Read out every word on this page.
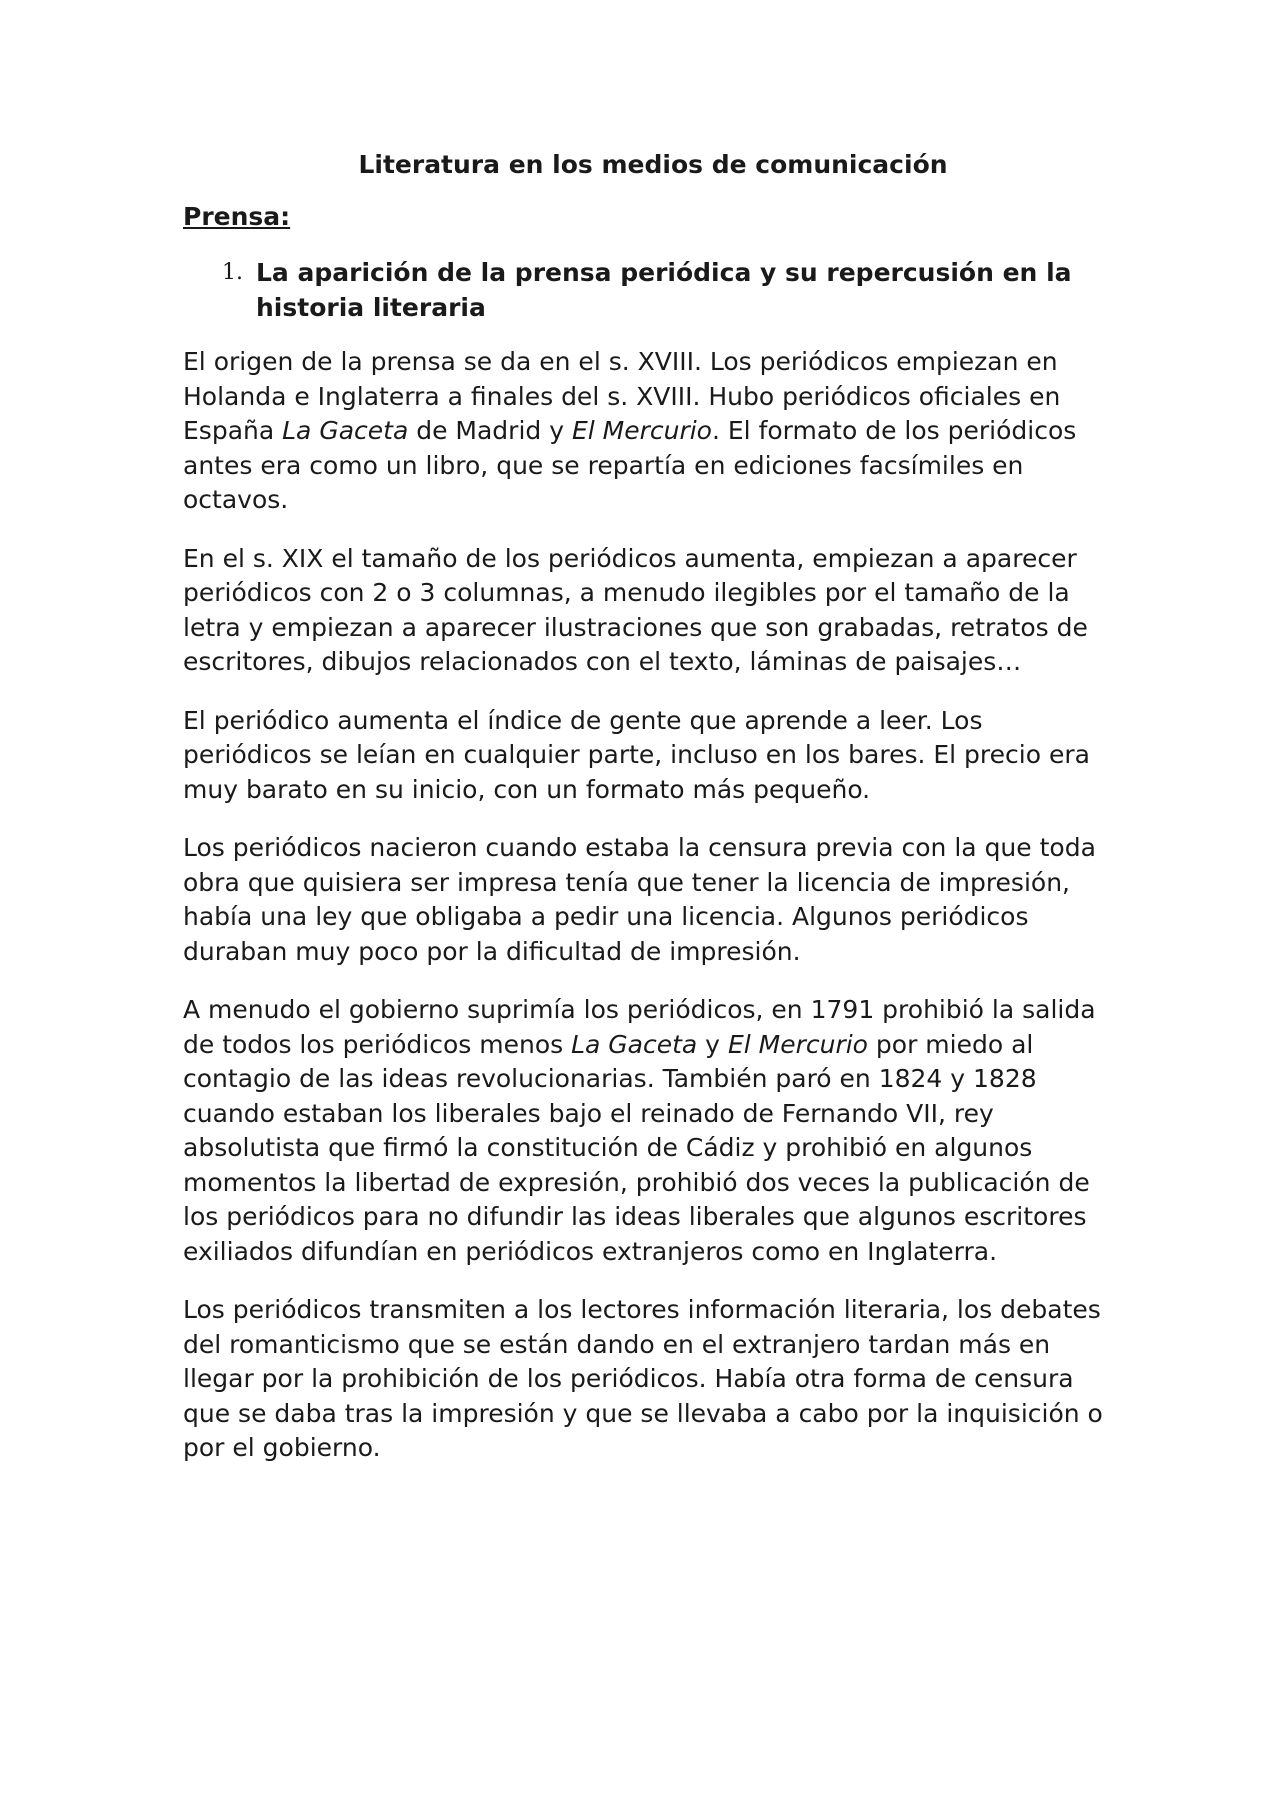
Literatura en los medios de comunicación
Prensa:
1. La aparición de la prensa periódica y su repercusión en la historia literaria

El origen de la prensa se da en el s. XVIII. Los periódicos empiezan en Holanda e Inglaterra a finales del s. XVIII. Hubo periódicos oficiales en España La Gaceta de Madrid y El Mercurio. El formato de los periódicos antes era como un libro, que se repartía en ediciones facsímiles en octavos.

En el s. XIX el tamaño de los periódicos aumenta, empiezan a aparecer periódicos con 2 o 3 columnas, a menudo ilegibles por el tamaño de la letra y empiezan a aparecer ilustraciones que son grabadas, retratos de escritores, dibujos relacionados con el texto, láminas de paisajes…

El periódico aumenta el índice de gente que aprende a leer. Los periódicos se leían en cualquier parte, incluso en los bares. El precio era muy barato en su inicio, con un formato más pequeño.

Los periódicos nacieron cuando estaba la censura previa con la que toda obra que quisiera ser impresa tenía que tener la licencia de impresión, había una ley que obligaba a pedir una licencia. Algunos periódicos duraban muy poco por la dificultad de impresión.

A menudo el gobierno suprimía los periódicos, en 1791 prohibió la salida de todos los periódicos menos La Gaceta y El Mercurio por miedo al contagio de las ideas revolucionarias. También paró en 1824 y 1828 cuando estaban los liberales bajo el reinado de Fernando VII, rey absolutista que firmó la constitución de Cádiz y prohibió en algunos momentos la libertad de expresión, prohibió dos veces la publicación de los periódicos para no difundir las ideas liberales que algunos escritores exiliados difundían en periódicos extranjeros como en Inglaterra.

Los periódicos transmiten a los lectores información literaria, los debates del romanticismo que se están dando en el extranjero tardan más en llegar por la prohibición de los periódicos. Había otra forma de censura que se daba tras la impresión y que se llevaba a cabo por la inquisición o por el gobierno.
